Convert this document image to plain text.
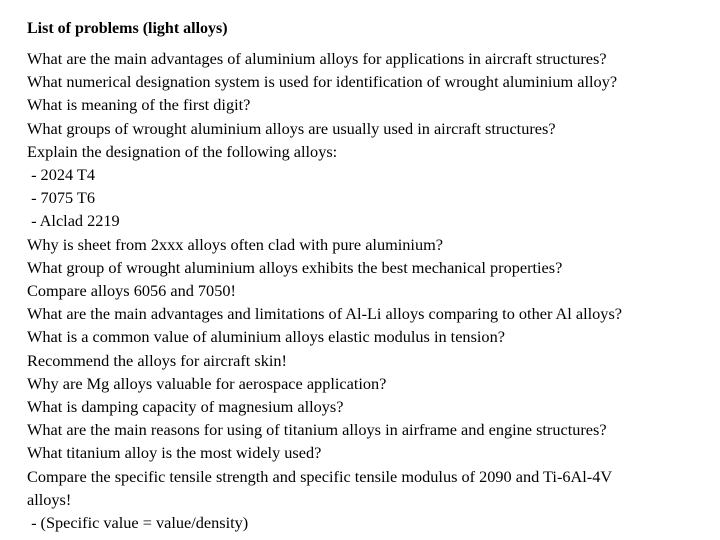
List of problems (light alloys)
What are the main advantages of aluminium alloys for applications in aircraft structures?
What numerical designation system is used for identification of wrought aluminium alloy?
What is meaning of the first digit?
What groups of wrought aluminium alloys are usually used in aircraft structures?
Explain the designation of the following alloys:
- 2024 T4
- 7075 T6
- Alclad 2219
Why is sheet from 2xxx alloys often clad with pure aluminium?
What group of wrought aluminium alloys exhibits the best mechanical properties?
Compare alloys 6056 and 7050!
What are the main advantages and limitations of Al-Li alloys comparing to other Al alloys?
What is a common value of aluminium alloys elastic modulus in tension?
Recommend the alloys for aircraft skin!
Why are Mg alloys valuable for aerospace application?
What is damping capacity of magnesium alloys?
What are the main reasons for using of titanium alloys in airframe and engine structures?
What titanium alloy is the most widely used?
Compare the specific tensile strength and specific tensile modulus of 2090 and Ti-6Al-4V
alloys!
- (Specific value = value/density)
